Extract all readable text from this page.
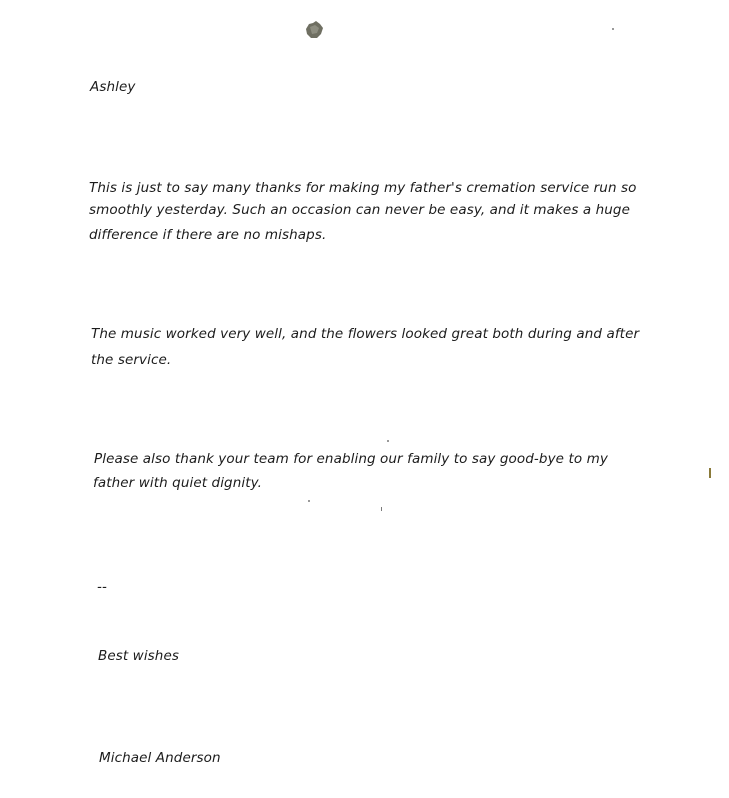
Ashley
This is just to say many thanks for making my father's cremation service run so
smoothly yesterday. Such an occasion can never be easy, and it makes a huge
difference if there are no mishaps.
The music worked very well, and the flowers looked great both during and after
the service.
Please also thank your team for enabling our family to say good-bye to my
father with quiet dignity.
--
Best wishes
Michael Anderson
